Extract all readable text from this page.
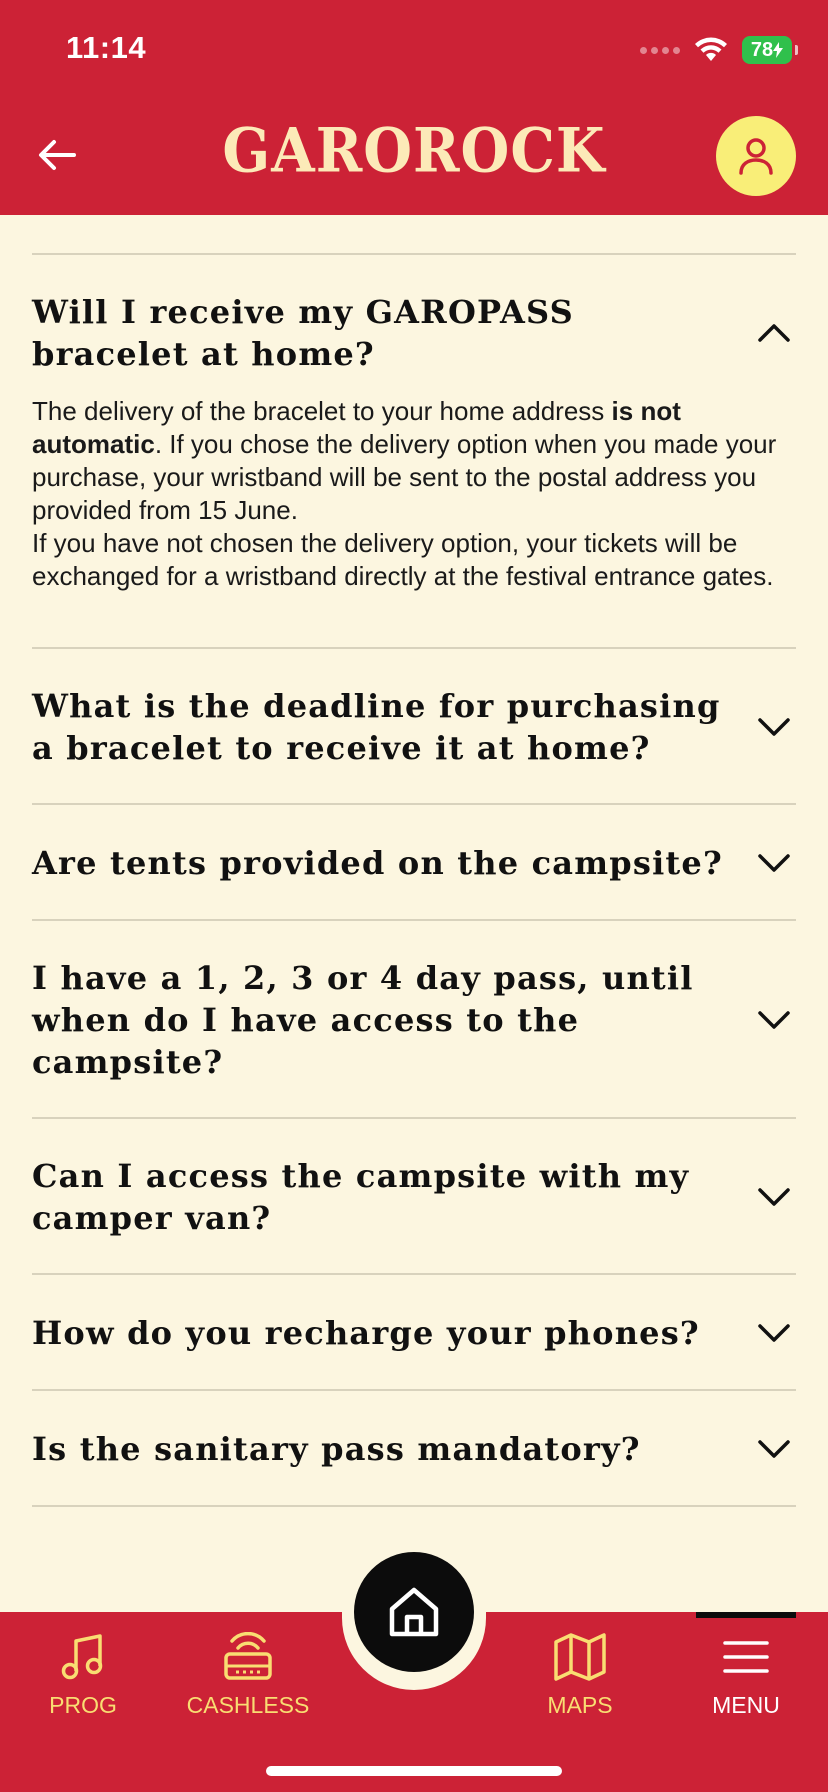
11:14	78
GAROROCK
Will I receive my GAROPASS bracelet at home?

The delivery of the bracelet to your home address is not automatic. If you chose the delivery option when you made your purchase, your wristband will be sent to the postal address you provided from 15 June.

If you have not chosen the delivery option, your tickets will be exchanged for a wristband directly at the festival entrance gates.

What is the deadline for purchasing a bracelet to receive it at home?
Are tents provided on the campsite?
I have a 1, 2, 3 or 4 day pass, until when do I have access to the campsite?
Can I access the campsite with my camper van?
How do you recharge your phones?
Is the sanitary pass mandatory?
PROG	CASHLESS	MAPS	MENU
